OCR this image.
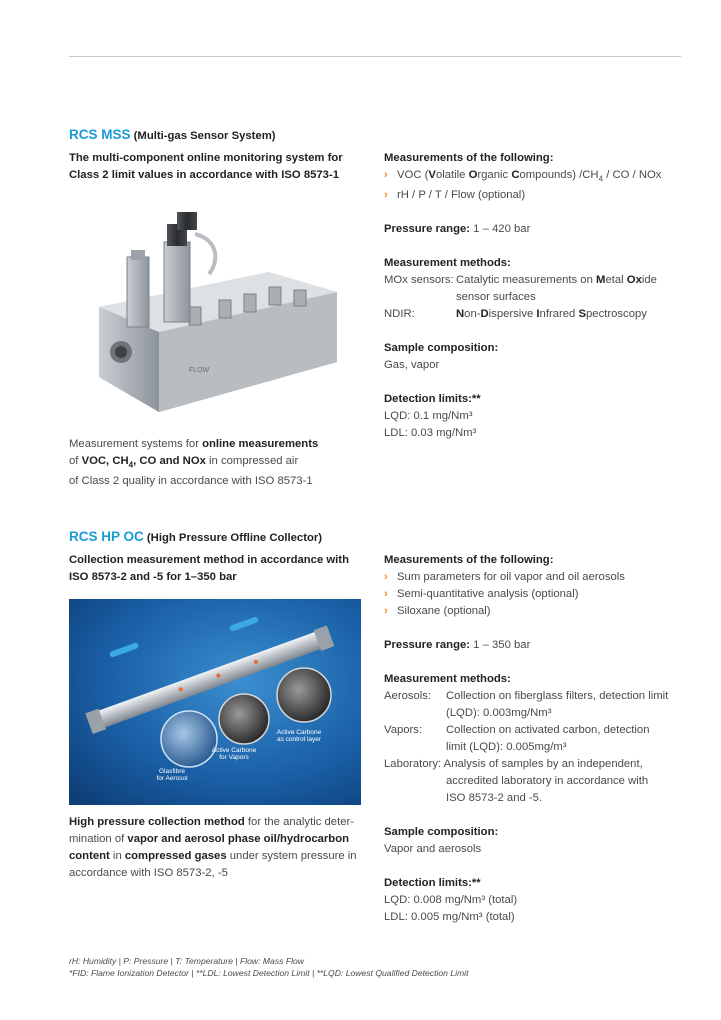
RCS MSS (Multi-gas Sensor System)
The multi-component online monitoring system for
Class 2 limit values in accordance with ISO 8573-1
FLOW
Measurement systems for online measurements
of VOC, $CH_4$, CO and NOx in compressed air
of Class 2 quality in accordance with ISO 8573-1
Measurements of the following:
› VOC (Volatile Organic Compounds) $/CH_4$ / CO / NOx
› rH / P / T / Flow (optional)
Pressure range: 1 – 420 bar
Measurement methods:
MOx sensors: Catalytic measurements on Metal Oxide
sensor surfaces
NDIR:	Non-Dispersive Infrared Spectroscopy
Sample composition:
Gas, vapor
Detection limits:**
LQD: 0.1 mg/Nm³
LDL: 0.03 mg/Nm³
RCS HP OC (High Pressure Offline Collector)
Collection measurement method in accordance with
ISO 8573-2 and -5 for 1–350 bar
Glasfibre
for Aerosol
Active Carbone
for Vapors
Active Carbone
as control layer
High pressure collection method for the analytic deter-
mination of vapor and aerosol phase oil/hydrocarbon
content in compressed gases under system pressure in
accordance with ISO 8573-2, -5
Measurements of the following:
› Sum parameters for oil vapor and oil aerosols
› Semi-quantitative analysis (optional)
› Siloxane (optional)
Pressure range: 1 – 350 bar
Measurement methods:
Aerosols:	Collection on fiberglass filters, detection limit
(LQD): 0.003mg/Nm³
Vapors:	Collection on activated carbon, detection
limit (LQD): 0.005mg/m³
Laboratory: Analysis of samples by an independent,
accredited laboratory in accordance with
ISO 8573-2 and -5.
Sample composition:
Vapor and aerosols
Detection limits:**
LQD: 0.008 mg/Nm³ (total)
LDL: 0.005 mg/Nm³ (total)
rH: Humidity | P: Pressure | T: Temperature | Flow: Mass Flow
*FID: Flame Ionization Detector | **LDL: Lowest Detection Limit | **LQD: Lowest Qualified Detection Limit
